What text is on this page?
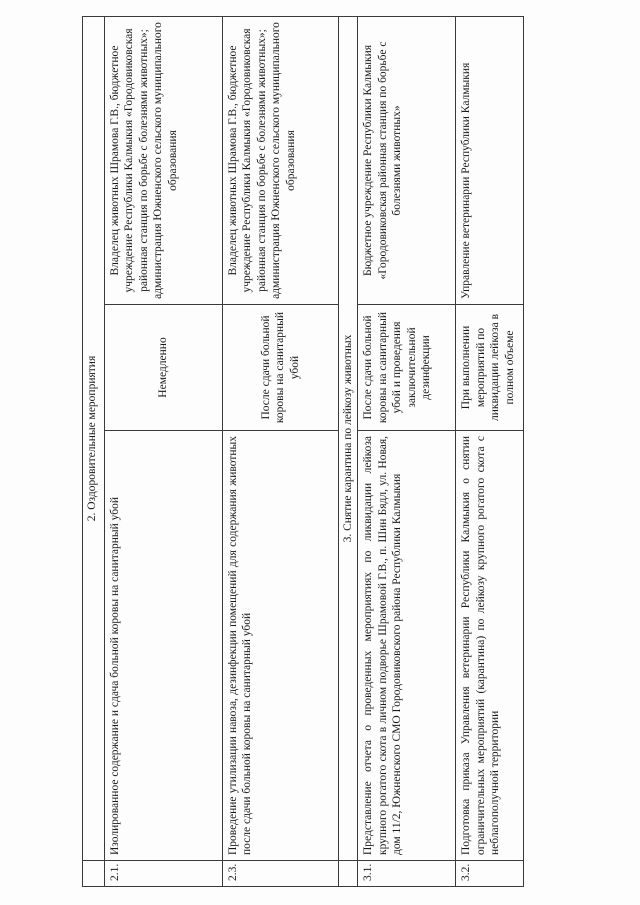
	2. Оздоровительные мероприятия		
2.1.	Изолированное содержание и сдача больной коровы на санитарный убой	Немедленно	Владелец животных Шрамова Г.В., бюджетное учреждение Республики Калмыкия «Городовиковская районная станция по борьбе с болезнями животных»; администрация Южненского сельского муниципального образования
2.3.	Проведение утилизации навоза, дезинфекции помещений для содержания животных после сдачи больной коровы на санитарный убой	После сдачи больной коровы на санитарный убой	Владелец животных Шрамова Г.В., бюджетное учреждение Республики Калмыкия «Городовиковская районная станция по борьбе с болезнями животных»; администрация Южненского сельского муниципального образования
	3. Снятие карантина по лейкозу животных		
3.1.	Представление отчета о проведенных мероприятиях по ликвидации лейкоза крупного рогатого скота в личном подворье Шрамовой Г.В., п. Шин Бядл, ул. Новая, дом 11/2, Южненского СМО Городовиковского района Республики Калмыкия	После сдачи больной коровы на санитарный убой и проведения заключительной дезинфекции	Бюджетное учреждение Республики Калмыкия «Городовиковская районная станция по борьбе с болезнями животных»
3.2.	Подготовка приказа Управления ветеринарии Республики Калмыкия о снятии ограничительных мероприятий (карантина) по лейкозу крупного рогатого скота с неблагополучной территории	При выполнении мероприятий по ликвидации лейкоза в полном объеме	Управление ветеринарии Республики Калмыкия
